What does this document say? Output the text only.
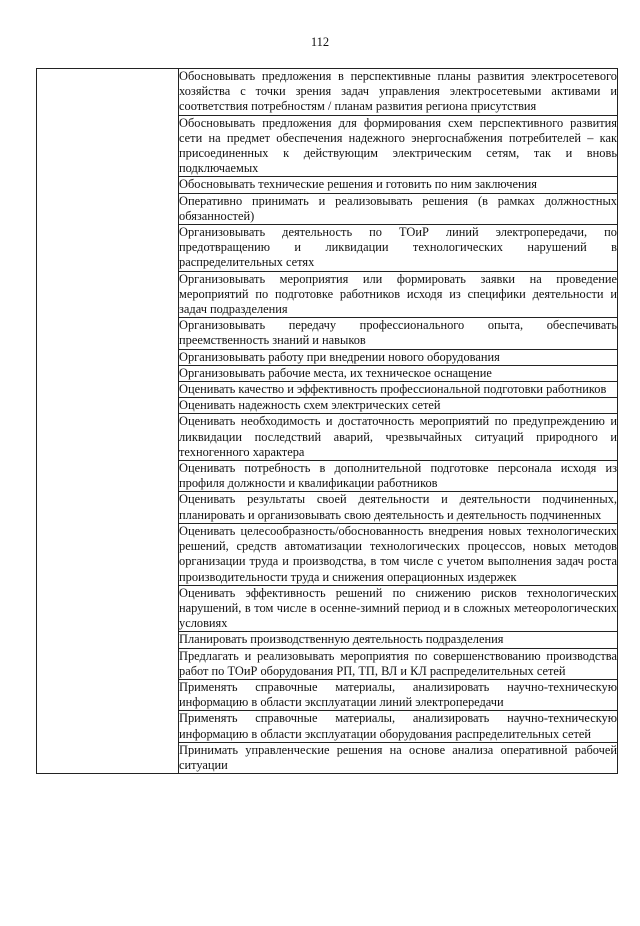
112
	Обосновывать предложения в перспективные планы развития электросетевого хозяйства с точки зрения задач управления электросетевыми активами и соответствия потребностям / планам развития региона присутствия
Обосновывать предложения для формирования схем перспективного развития сети на предмет обеспечения надежного энергоснабжения потребителей – как присоединенных к действующим электрическим сетям, так и вновь подключаемых
Обосновывать технические решения и готовить по ним заключения
Оперативно принимать и реализовывать решения (в рамках должностных обязанностей)
Организовывать деятельность по ТОиР линий электропередачи, по предотвращению и ликвидации технологических нарушений в распределительных сетях
Организовывать мероприятия или формировать заявки на проведение мероприятий по подготовке работников исходя из специфики деятельности и задач подразделения
Организовывать передачу профессионального опыта, обеспечивать преемственность знаний и навыков
Организовывать работу при внедрении нового оборудования
Организовывать рабочие места, их техническое оснащение
Оценивать качество и эффективность профессиональной подготовки работников
Оценивать надежность схем электрических сетей
Оценивать необходимость и достаточность мероприятий по предупреждению и ликвидации последствий аварий, чрезвычайных ситуаций природного и техногенного характера
Оценивать потребность в дополнительной подготовке персонала исходя из профиля должности и квалификации работников
Оценивать результаты своей деятельности и деятельности подчиненных, планировать и организовывать свою деятельность и деятельность подчиненных
Оценивать целесообразность/обоснованность внедрения новых технологических решений, средств автоматизации технологических процессов, новых методов организации труда и производства, в том числе с учетом выполнения задач роста производительности труда и снижения операционных издержек
Оценивать эффективность решений по снижению рисков технологических нарушений, в том числе в осенне-зимний период и в сложных метеорологических условиях
Планировать производственную деятельность подразделения
Предлагать и реализовывать мероприятия по совершенствованию производства работ по ТОиР оборудования РП, ТП, ВЛ и КЛ распределительных сетей
Применять справочные материалы, анализировать научно-техническую информацию в области эксплуатации линий электропередачи
Применять справочные материалы, анализировать научно-техническую информацию в области эксплуатации оборудования распределительных сетей
Принимать управленческие решения на основе анализа оперативной рабочей ситуации
